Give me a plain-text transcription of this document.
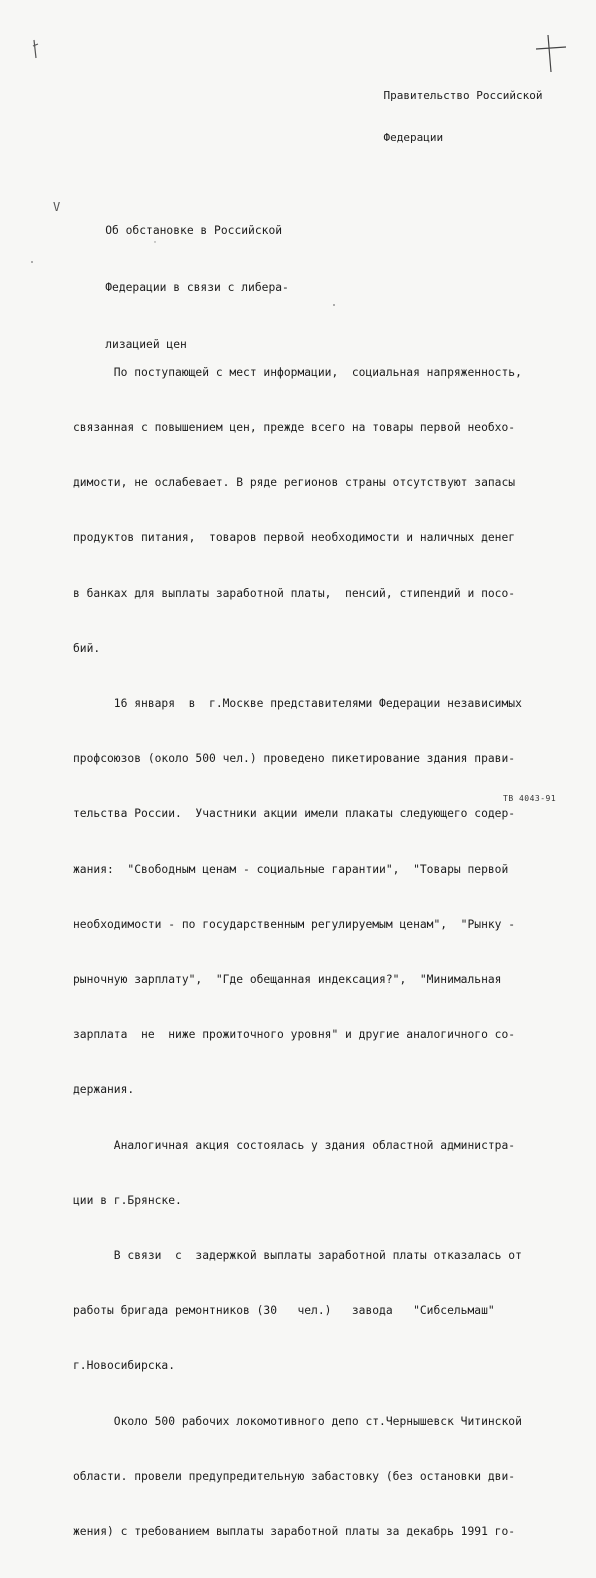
Правительство Российской

Федерации

V

Об обстановке в Российской

Федерации в связи с либера-

лизацией цен

По поступающей с мест информации,  социальная напряженность,

связанная с повышением цен, прежде всего на товары первой необхо-

димости, не ослабевает. В ряде регионов страны отсутствуют запасы

продуктов питания,  товаров первой необходимости и наличных денег

в банках для выплаты заработной платы,  пенсий, стипендий и посо-

бий.

16 января  в  г.Москве представителями Федерации независимых

профсоюзов (около 500 чел.) проведено пикетирование здания прави-

тельства России.  Участники акции имели плакаты следующего содер-

жания:  "Свободным ценам - социальные гарантии",  "Товары первой

необходимости - по государственным регулируемым ценам",  "Рынку -

рыночную зарплату",  "Где обещанная индексация?",  "Минимальная

зарплата  не  ниже прожиточного уровня" и другие аналогичного со-

держания.

Аналогичная акция состоялась у здания областной администра-

ции в г.Брянске.

В связи  с  задержкой выплаты заработной платы отказалась от

работы бригада ремонтников (30   чел.)   завода   "Сибсельмаш"

г.Новосибирска.

Около 500 рабочих локомотивного депо ст.Чернышевск Читинской

области. провели предупредительную забастовку (без остановки дви-

жения) с требованием выплаты заработной платы за декабрь 1991 го-

ТВ 4043-91
